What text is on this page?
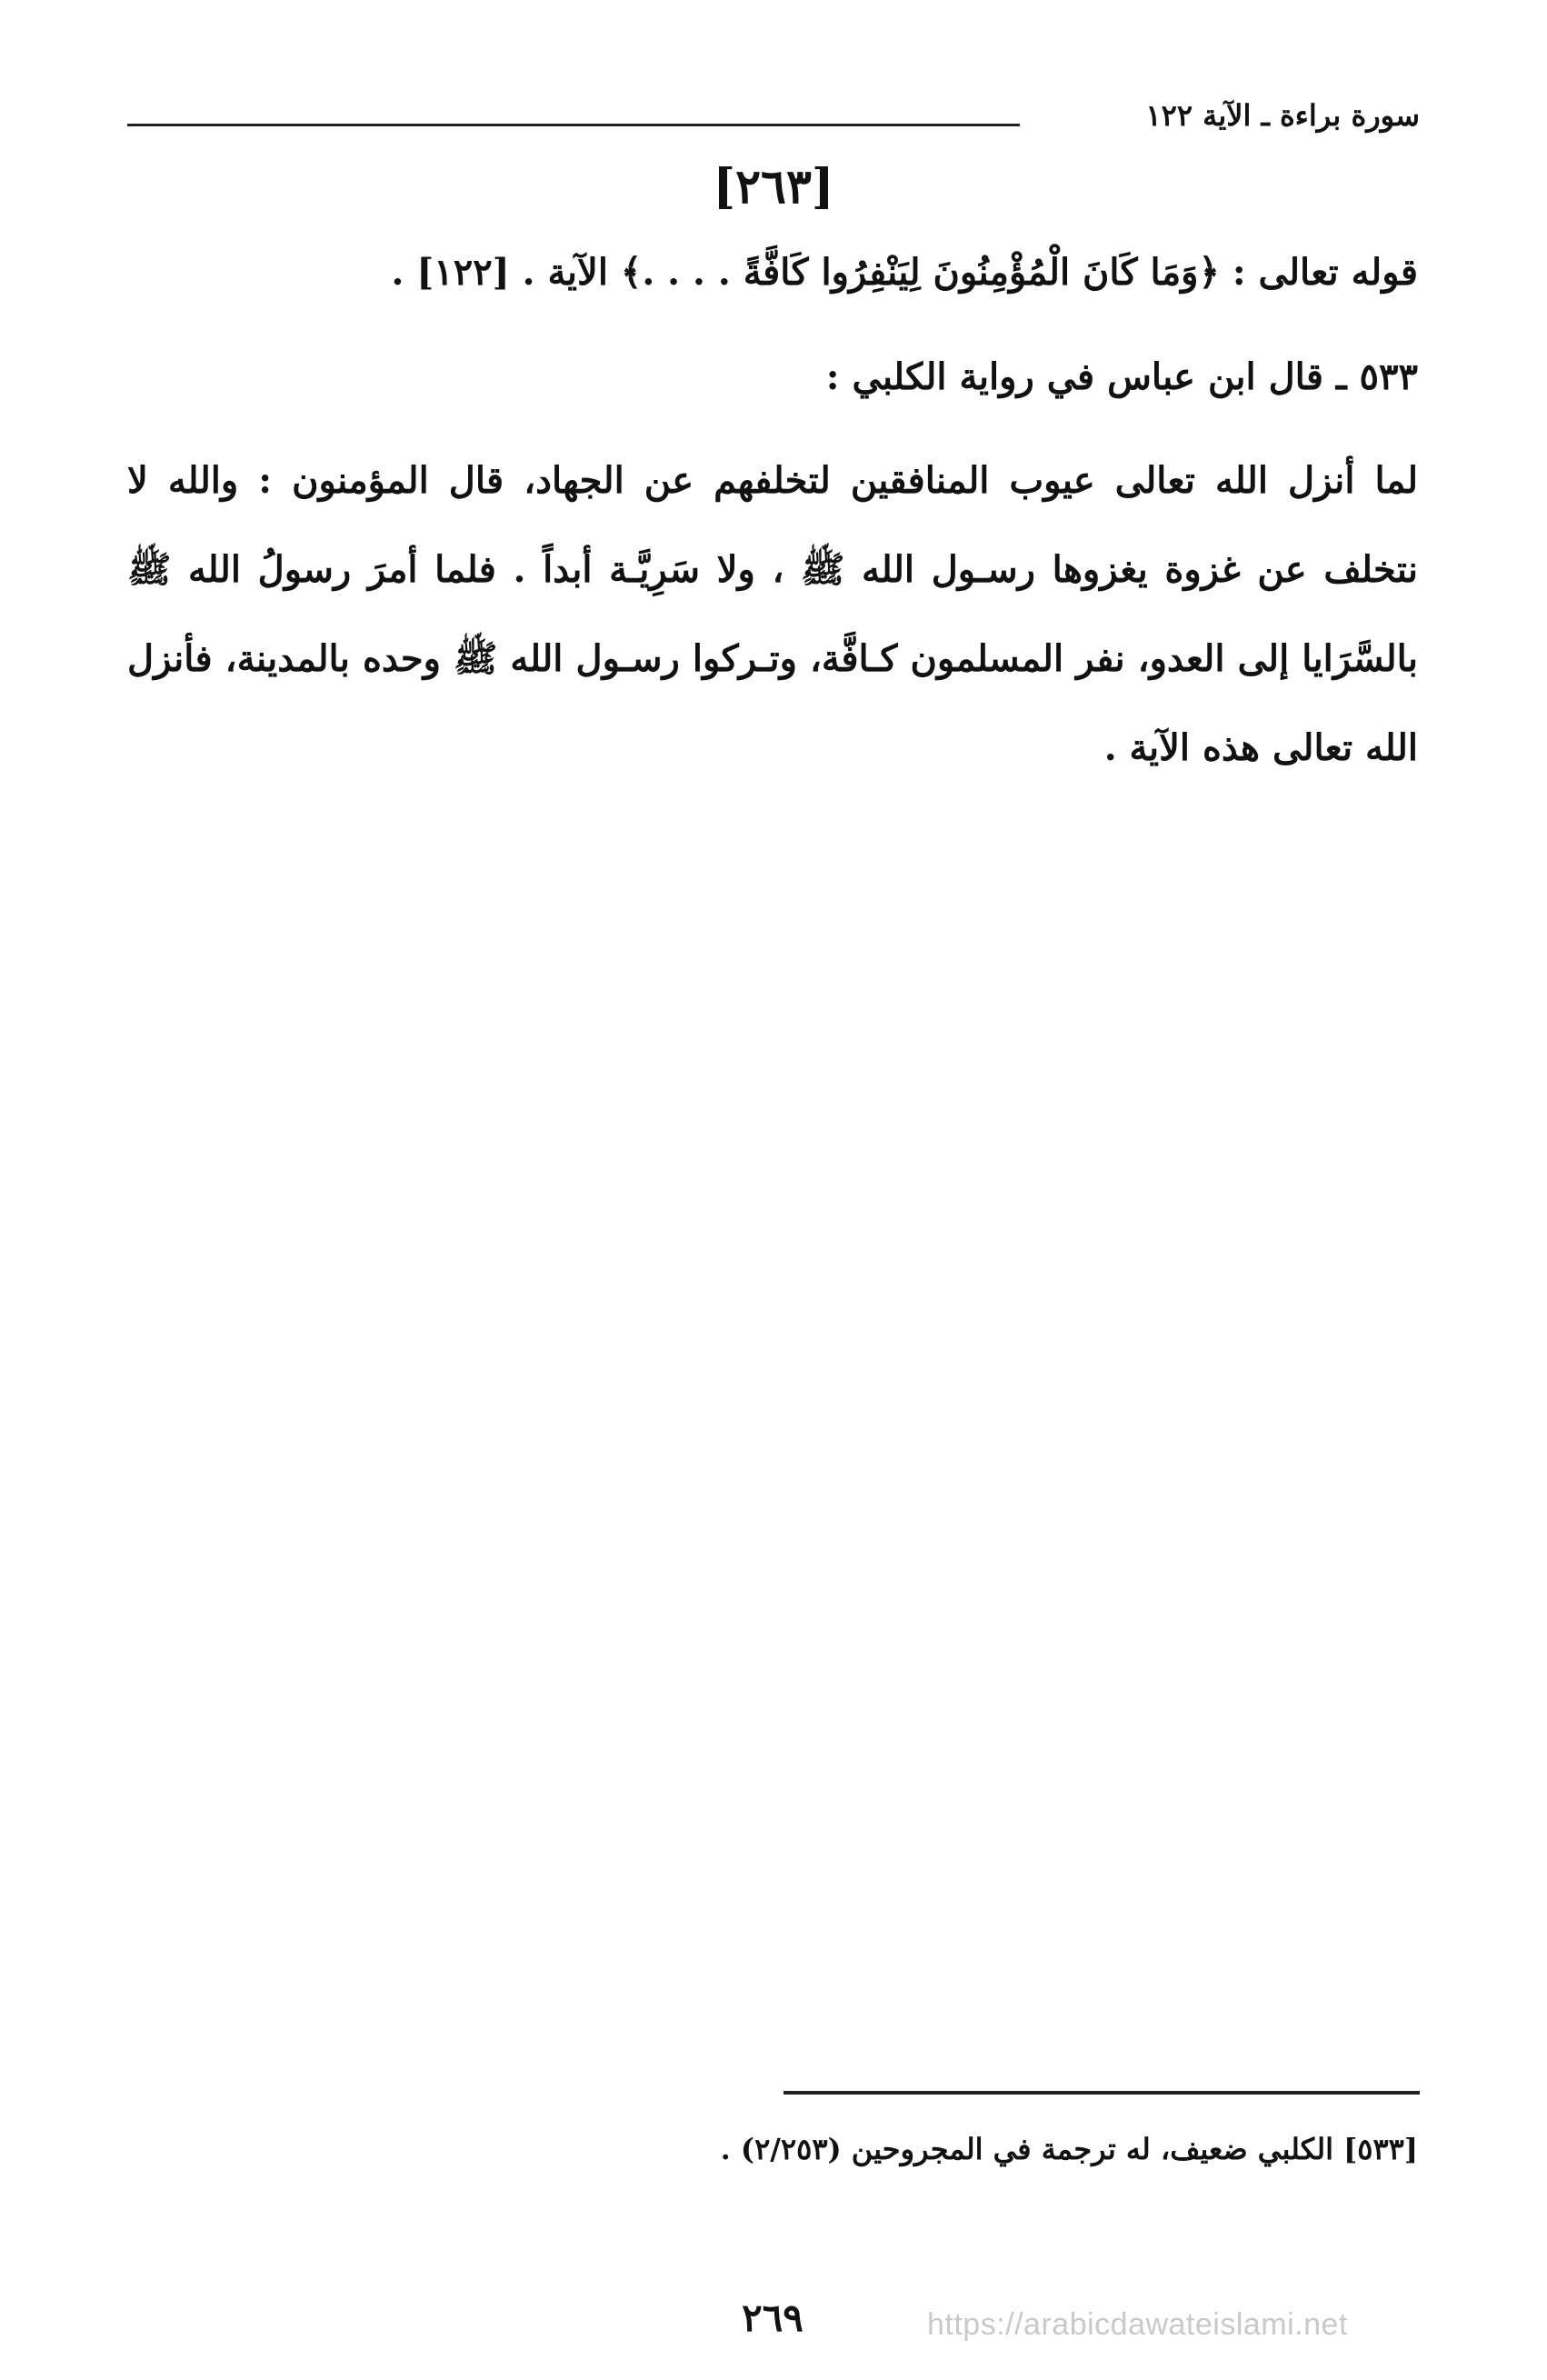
سورة براءة ـ الآية ١٢٢
[٢٦٣]
قوله تعالى : ﴿وَمَا كَانَ الْمُؤْمِنُونَ لِيَنْفِرُوا كَافَّةً . . . .﴾ الآية . [١٢٢] .
٥٣٣ ـ قال ابن عباس في رواية الكلبي :
لما أنزل الله تعالى عيوب المنافقين لتخلفهم عن الجهاد، قال المؤمنون : والله لا نتخلف عن غزوة يغزوها رسـول الله ﷺ ، ولا سَرِيَّـة أبداً . فلما أمرَ رسولُ الله ﷺ بالسَّرَايا إلى العدو، نفر المسلمون كـافَّة، وتـركوا رسـول الله ﷺ وحده بالمدينة، فأنزل الله تعالى هذه الآية .
[٥٣٣] الكلبي ضعيف، له ترجمة في المجروحين (٢/٢٥٣) .
٢٦٩	https://arabicdawateislami.net
